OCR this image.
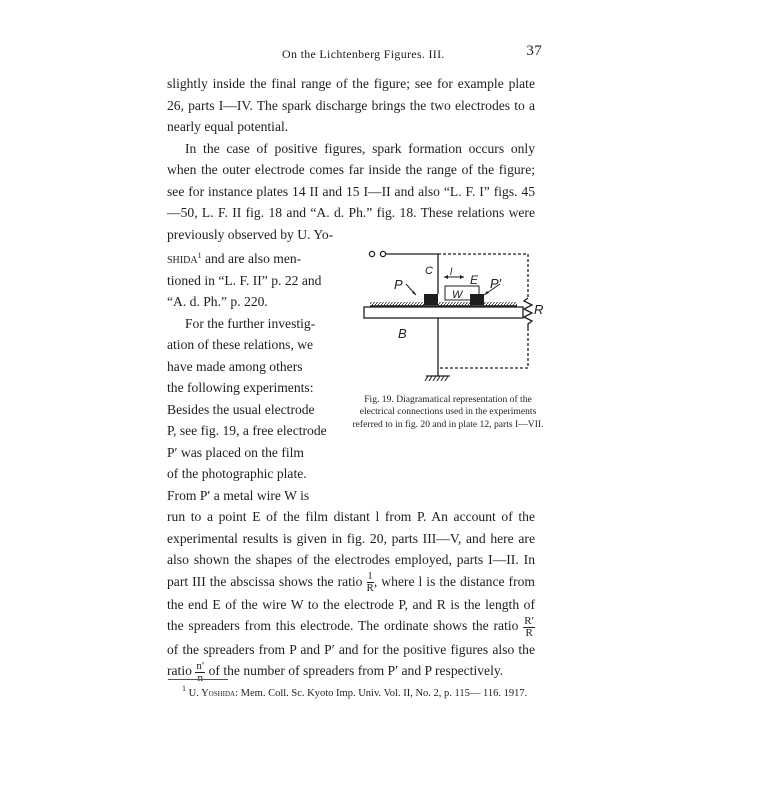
On the Lichtenberg Figures. III.	37

slightly inside the final range of the figure; see for example plate 26, parts I—IV. The spark discharge brings the two electrodes to a nearly equal potential.

In the case of positive figures, spark formation occurs only when the outer electrode comes far inside the range of the figure; see for instance plates 14 II and 15 I—II and also “L. F. I” figs. 45—50, L. F. II fig. 18 and “A. d. Ph.” fig. 18. These relations were previously observed by U. Yo-

shida$^1$ and are also men-
tioned in “L. F. II” p. 22 and
“A. d. Ph.” p. 220.
For the further investig-
ation of these relations, we
have made among others
the following experiments:
Besides the usual electrode
P, see fig. 19, a free electrode
P′ was placed on the film
of the photographic plate.
From P′ a metal wire W is

run to a point E of the film distant l from P. An account of the experimental results is given in fig. 20, parts III—V, and here are also shown the shapes of the electrodes employed, parts I—II. In part III the abscissa shows the ratio $\frac{l}{R}$ , where l is the distance from the end E of the wire W to the electrode P, and R is the length of the spreaders from this electrode. The ordinate shows the ratio $\frac{R'}{R}$
of the spreaders from P and P′ and for the positive figures also the ratio $\frac{n'}{n}$ of the number of spreaders from P′ and P respectively.

P
C l
W
E P′
R
B
Fig. 19. Diagramatical representation of the electrical connections used in the experiments referred to in fig. 20 and in plate 12, parts I—VII.
$^1$ U. Yoshida: Mem. Coll. Sc. Kyoto Imp. Univ. Vol. II, No. 2, p. 115— 116. 1917.
